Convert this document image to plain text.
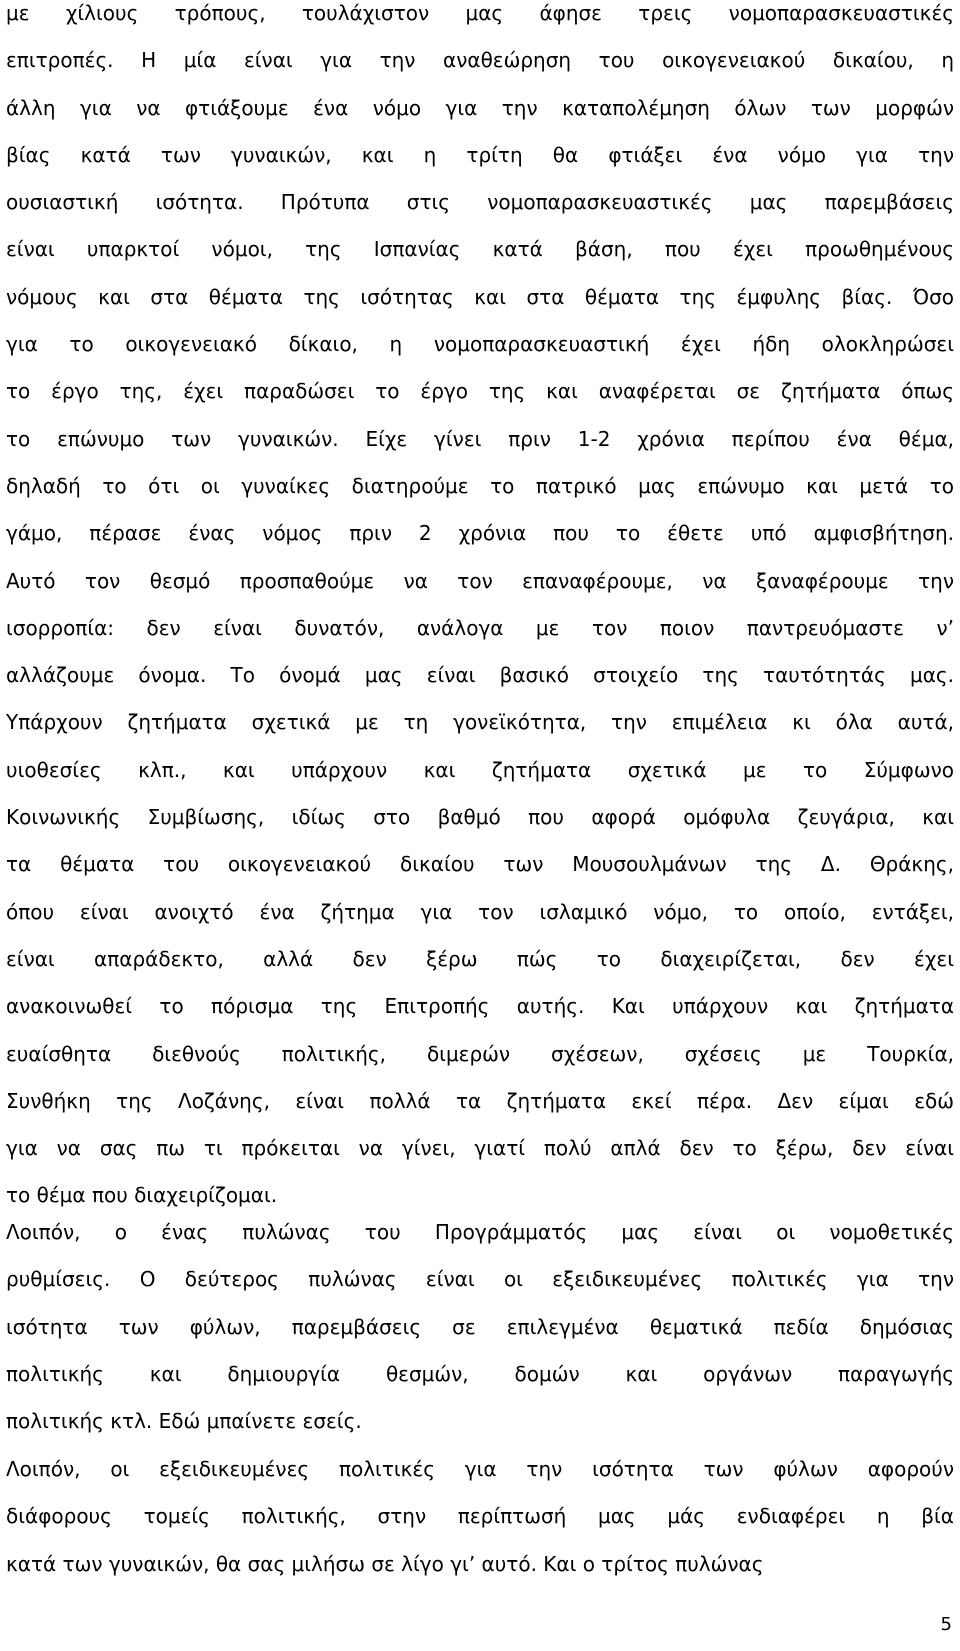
με χίλιους τρόπους, τουλάχιστον μας άφησε τρεις νομοπαρασκευαστικές
επιτροπές. Η μία είναι για την αναθεώρηση του οικογενειακού δικαίου, η
άλλη για να φτιάξουμε ένα νόμο για την καταπολέμηση όλων των μορφών
βίας κατά των γυναικών, και η τρίτη θα φτιάξει ένα νόμο για την
ουσιαστική ισότητα. Πρότυπα στις νομοπαρασκευαστικές μας παρεμβάσεις
είναι υπαρκτοί νόμοι, της Ισπανίας κατά βάση, που έχει προωθημένους
νόμους και στα θέματα της ισότητας και στα θέματα της έμφυλης βίας. Όσο
για το οικογενειακό δίκαιο, η νομοπαρασκευαστική έχει ήδη ολοκληρώσει
το έργο της, έχει παραδώσει το έργο της και αναφέρεται σε ζητήματα όπως
το επώνυμο των γυναικών. Είχε γίνει πριν 1-2 χρόνια περίπου ένα θέμα,
δηλαδή το ότι οι γυναίκες διατηρούμε το πατρικό μας επώνυμο και μετά το
γάμο, πέρασε ένας νόμος πριν 2 χρόνια που το έθετε υπό αμφισβήτηση.
Αυτό τον θεσμό προσπαθούμε να τον επαναφέρουμε, να ξαναφέρουμε την
ισορροπία: δεν είναι δυνατόν, ανάλογα με τον ποιον παντρευόμαστε ν’
αλλάζουμε όνομα. Το όνομά μας είναι βασικό στοιχείο της ταυτότητάς μας.
Υπάρχουν ζητήματα σχετικά με τη γονεϊκότητα, την επιμέλεια κι όλα αυτά,
υιοθεσίες κλπ., και υπάρχουν και ζητήματα σχετικά με το Σύμφωνο
Κοινωνικής Συμβίωσης, ιδίως στο βαθμό που αφορά ομόφυλα ζευγάρια, και
τα θέματα του οικογενειακού δικαίου των Μουσουλμάνων της Δ. Θράκης,
όπου είναι ανοιχτό ένα ζήτημα για τον ισλαμικό νόμο, το οποίο, εντάξει,
είναι απαράδεκτο, αλλά δεν ξέρω πώς το διαχειρίζεται, δεν έχει
ανακοινωθεί το πόρισμα της Επιτροπής αυτής. Και υπάρχουν και ζητήματα
ευαίσθητα διεθνούς πολιτικής, διμερών σχέσεων, σχέσεις με Τουρκία,
Συνθήκη της Λοζάνης, είναι πολλά τα ζητήματα εκεί πέρα. Δεν είμαι εδώ
για να σας πω τι πρόκειται να γίνει, γιατί πολύ απλά δεν το ξέρω, δεν είναι
το θέμα που διαχειρίζομαι.
Λοιπόν, ο ένας πυλώνας του Προγράμματός μας είναι οι νομοθετικές
ρυθμίσεις. Ο δεύτερος πυλώνας είναι οι εξειδικευμένες πολιτικές για την
ισότητα των φύλων, παρεμβάσεις σε επιλεγμένα θεματικά πεδία δημόσιας
πολιτικής και δημιουργία θεσμών, δομών και οργάνων παραγωγής
πολιτικής κτλ. Εδώ μπαίνετε εσείς.
Λοιπόν, οι εξειδικευμένες πολιτικές για την ισότητα των φύλων αφορούν
διάφορους τομείς πολιτικής, στην περίπτωσή μας μάς ενδιαφέρει η βία
κατά των γυναικών, θα σας μιλήσω σε λίγο γι’ αυτό. Και ο τρίτος πυλώνας
5
